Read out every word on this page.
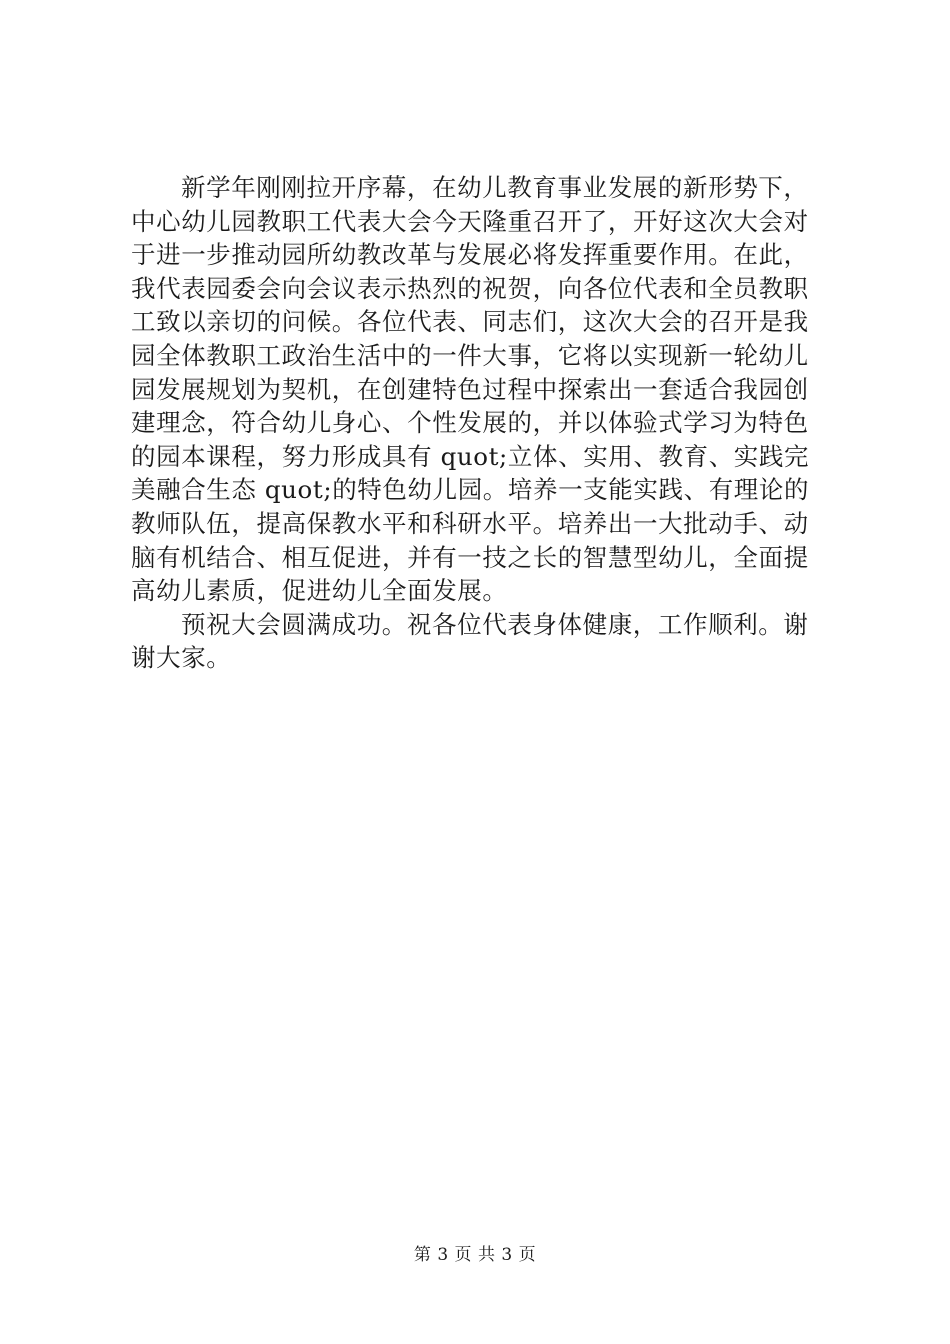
新学年刚刚拉开序幕，在幼儿教育事业发展的新形势下，
中心幼儿园教职工代表大会今天隆重召开了，开好这次大会对
于进一步推动园所幼教改革与发展必将发挥重要作用。在此，
我代表园委会向会议表示热烈的祝贺，向各位代表和全员教职
工致以亲切的问候。各位代表、同志们，这次大会的召开是我
园全体教职工政治生活中的一件大事，它将以实现新一轮幼儿
园发展规划为契机，在创建特色过程中探索出一套适合我园创
建理念，符合幼儿身心、个性发展的，并以体验式学习为特色
的园本课程，努力形成具有 quot;立体、实用、教育、实践完
美融合生态 quot;的特色幼儿园。培养一支能实践、有理论的
教师队伍，提高保教水平和科研水平。培养出一大批动手、动
脑有机结合、相互促进，并有一技之长的智慧型幼儿，全面提
高幼儿素质，促进幼儿全面发展。
预祝大会圆满成功。祝各位代表身体健康，工作顺利。谢
谢大家。
第 3 页 共 3 页
